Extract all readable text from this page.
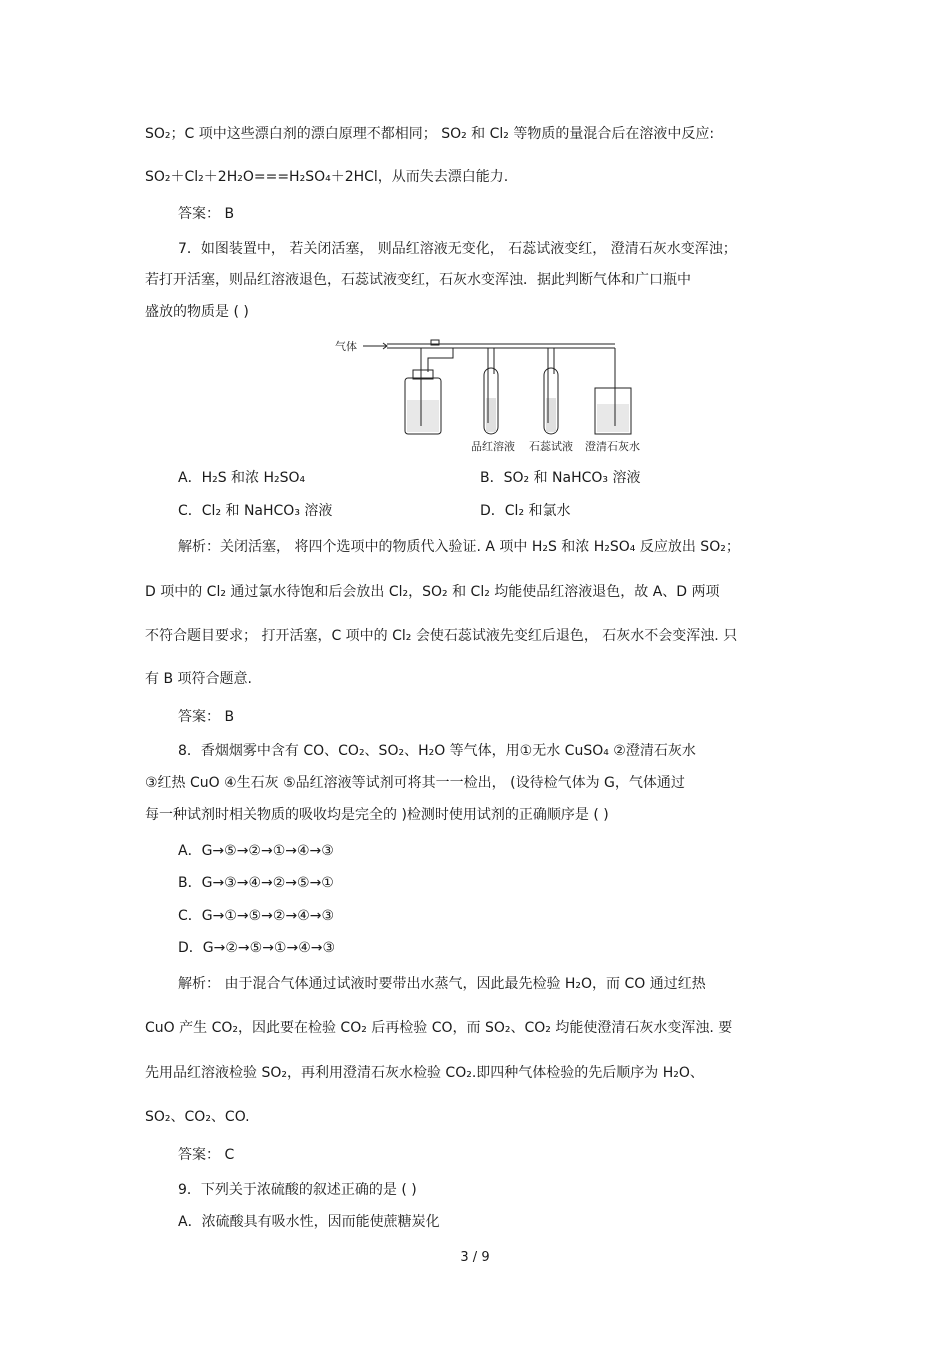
SO₂；C 项中这些漂白剂的漂白原理不都相同； SO₂ 和 Cl₂ 等物质的量混合后在溶液中反应:
SO₂＋Cl₂＋2H₂O===H₂SO₄＋2HCl，从而失去漂白能力.
答案： B
7．如图装置中， 若关闭活塞， 则品红溶液无变化， 石蕊试液变红， 澄清石灰水变浑浊；
若打开活塞，则品红溶液退色，石蕊试液变红，石灰水变浑浊．据此判断气体和广口瓶中
盛放的物质是 ( )
气体
品红溶液 石蕊试液 澄清石灰水
A．H₂S 和浓 H₂SO₄	B．SO₂ 和 NaHCO₃ 溶液
C．Cl₂ 和 NaHCO₃ 溶液	D．Cl₂ 和氯水
解析：关闭活塞， 将四个选项中的物质代入验证. A 项中 H₂S 和浓 H₂SO₄ 反应放出 SO₂；
D 项中的 Cl₂ 通过氯水待饱和后会放出 Cl₂，SO₂ 和 Cl₂ 均能使品红溶液退色，故 A、D 两项
不符合题目要求； 打开活塞，C 项中的 Cl₂ 会使石蕊试液先变红后退色， 石灰水不会变浑浊. 只
有 B 项符合题意.
答案： B
8．香烟烟雾中含有 CO、CO₂、SO₂、H₂O 等气体，用①无水 CuSO₄ ②澄清石灰水
③红热 CuO ④生石灰 ⑤品红溶液等试剂可将其一一检出， (设待检气体为 G，气体通过
每一种试剂时相关物质的吸收均是完全的 )检测时使用试剂的正确顺序是 ( )
A．G→⑤→②→①→④→③
B．G→③→④→②→⑤→①
C．G→①→⑤→②→④→③
D．G→②→⑤→①→④→③
解析： 由于混合气体通过试液时要带出水蒸气，因此最先检验 H₂O，而 CO 通过红热
CuO 产生 CO₂，因此要在检验 CO₂ 后再检验 CO，而 SO₂、CO₂ 均能使澄清石灰水变浑浊. 要
先用品红溶液检验 SO₂，再利用澄清石灰水检验 CO₂.即四种气体检验的先后顺序为 H₂O、
SO₂、CO₂、CO.
答案： C
9．下列关于浓硫酸的叙述正确的是 ( )
A．浓硫酸具有吸水性，因而能使蔗糖炭化
3 / 9
